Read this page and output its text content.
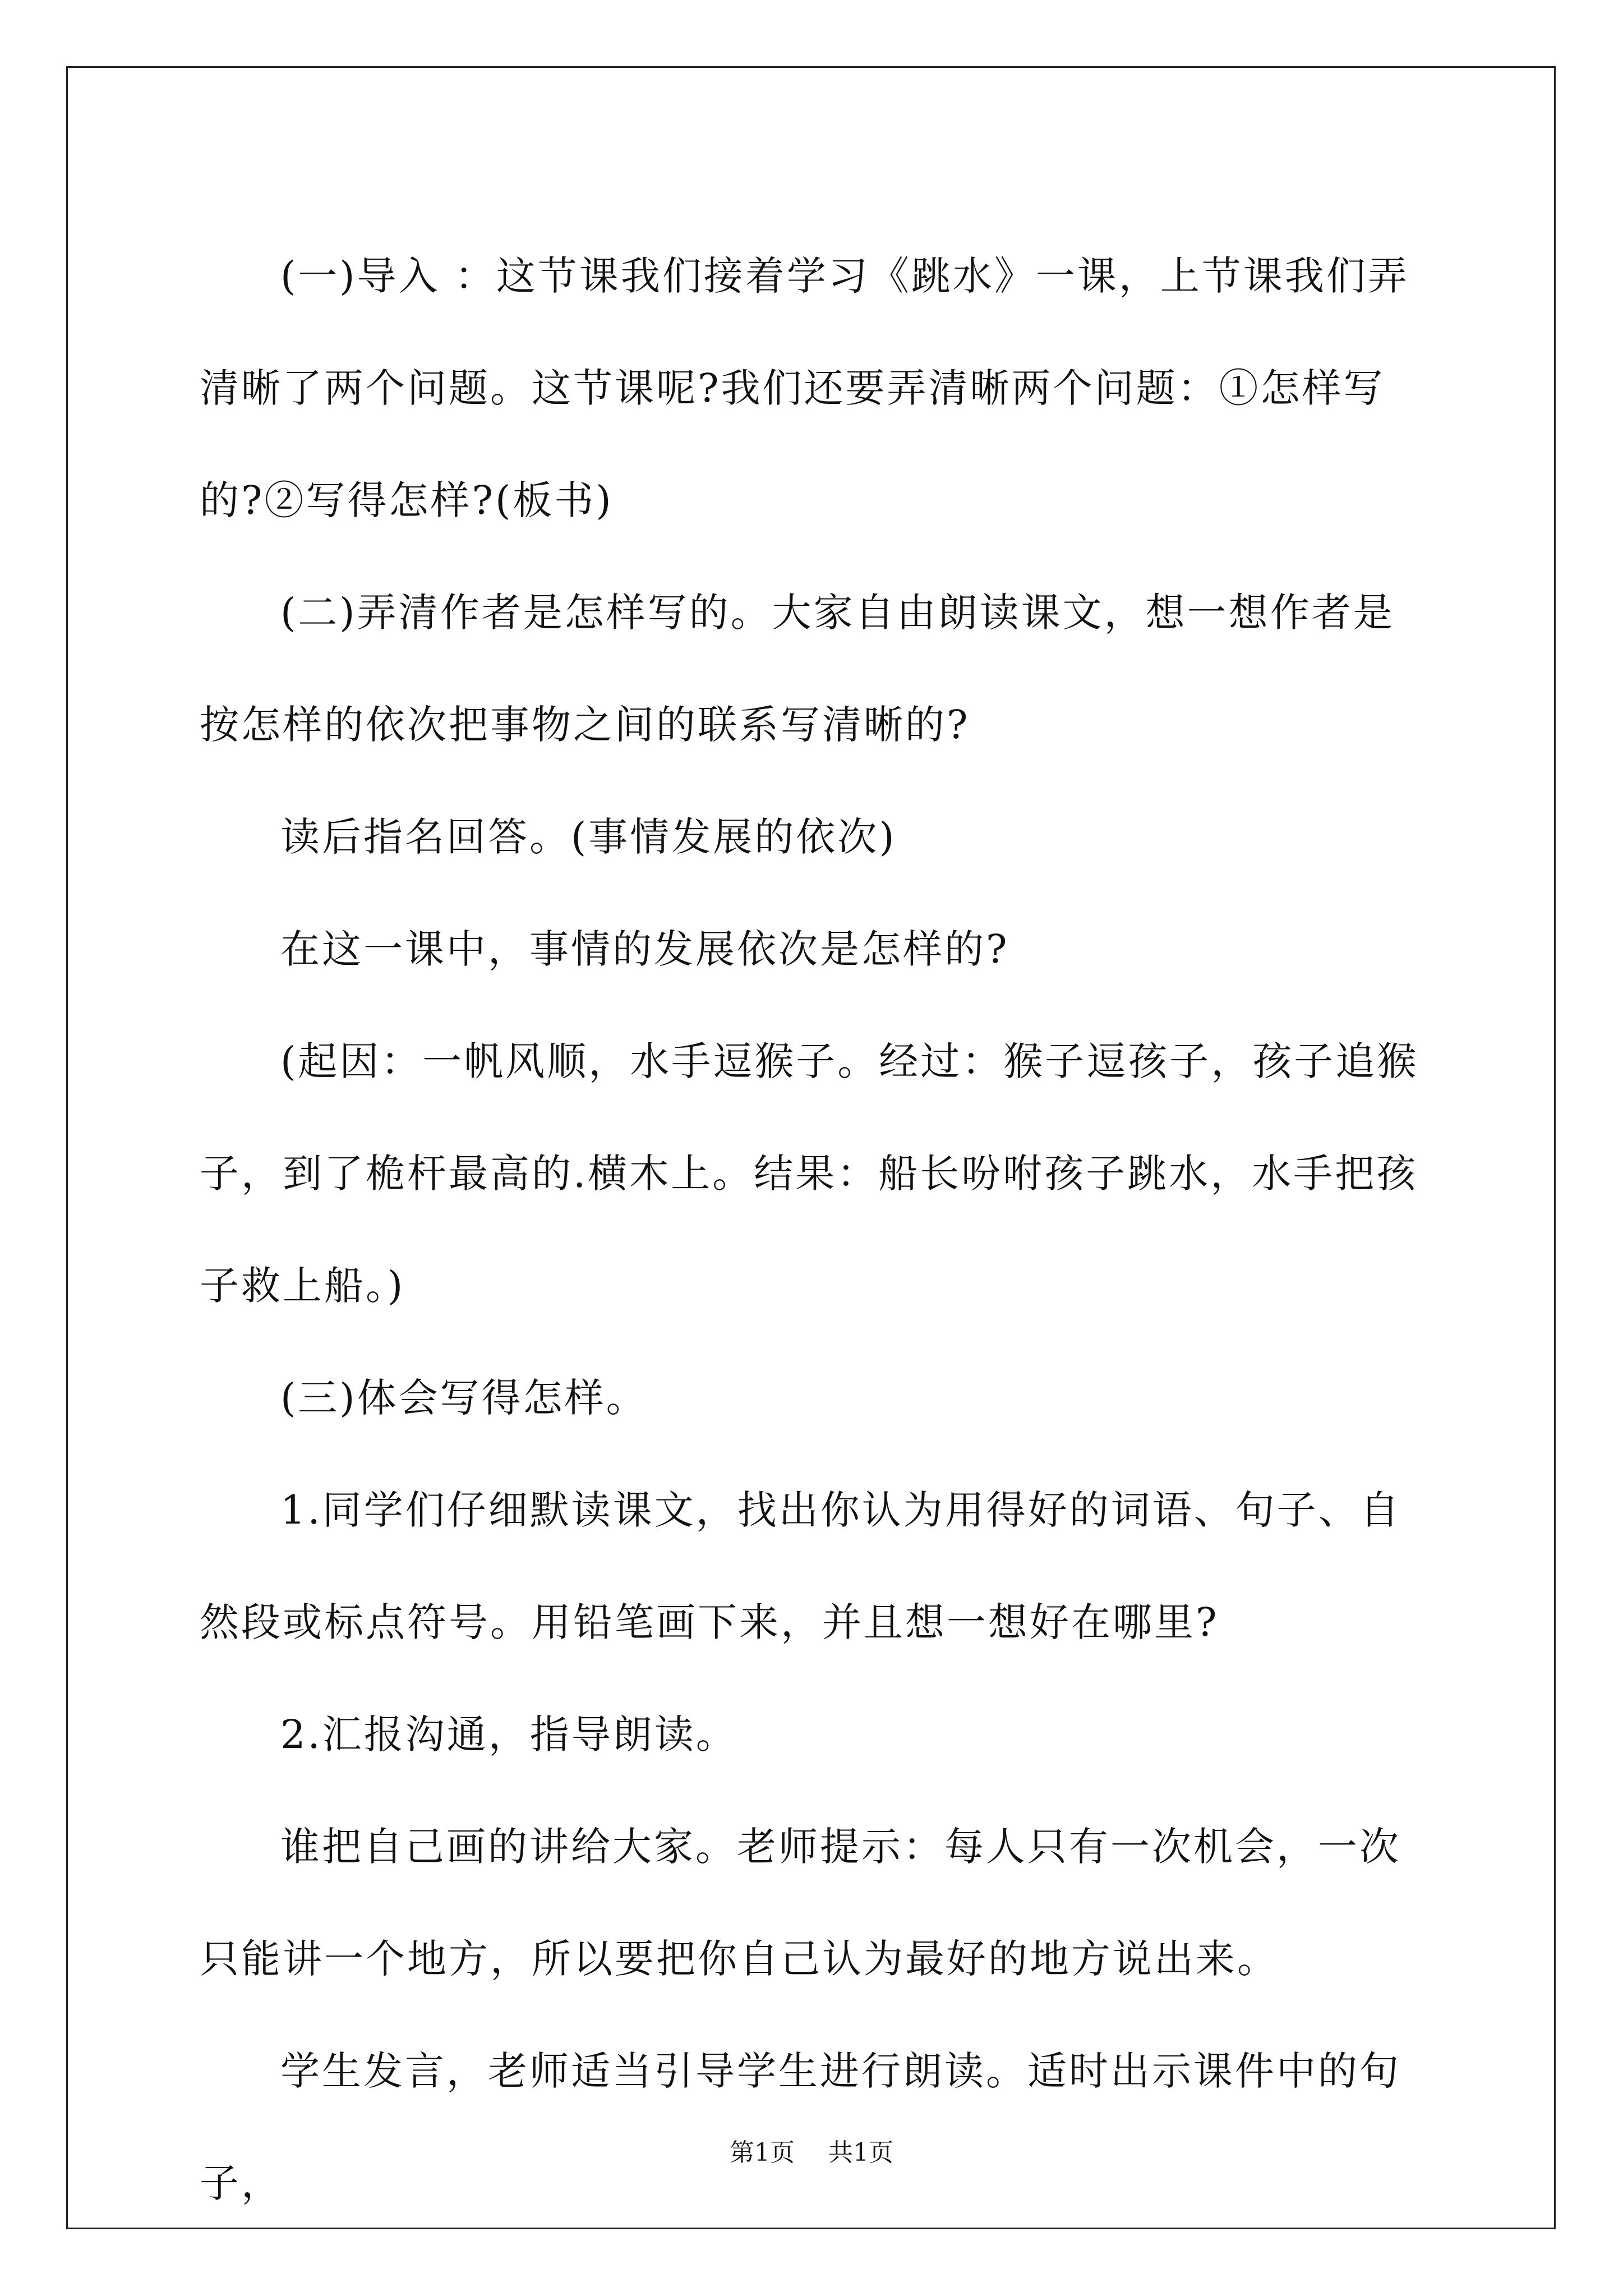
(一)导入 ：这节课我们接着学习《跳水》一课，上节课我们弄清晰了两个问题。这节课呢?我们还要弄清晰两个问题：①怎样写的?②写得怎样?(板书)

(二)弄清作者是怎样写的。大家自由朗读课文，想一想作者是按怎样的依次把事物之间的联系写清晰的?

读后指名回答。(事情发展的依次)

在这一课中，事情的发展依次是怎样的?

(起因：一帆风顺，水手逗猴子。经过：猴子逗孩子，孩子追猴子，到了桅杆最高的.横木上。结果：船长吩咐孩子跳水，水手把孩子救上船。)

(三)体会写得怎样。

1.同学们仔细默读课文，找出你认为用得好的词语、句子、自然段或标点符号。用铅笔画下来，并且想一想好在哪里?

2.汇报沟通，指导朗读。

谁把自己画的讲给大家。老师提示：每人只有一次机会，一次只能讲一个地方，所以要把你自己认为最好的地方说出来。

学生发言，老师适当引导学生进行朗读。适时出示课件中的句子，

第1页 共1页
